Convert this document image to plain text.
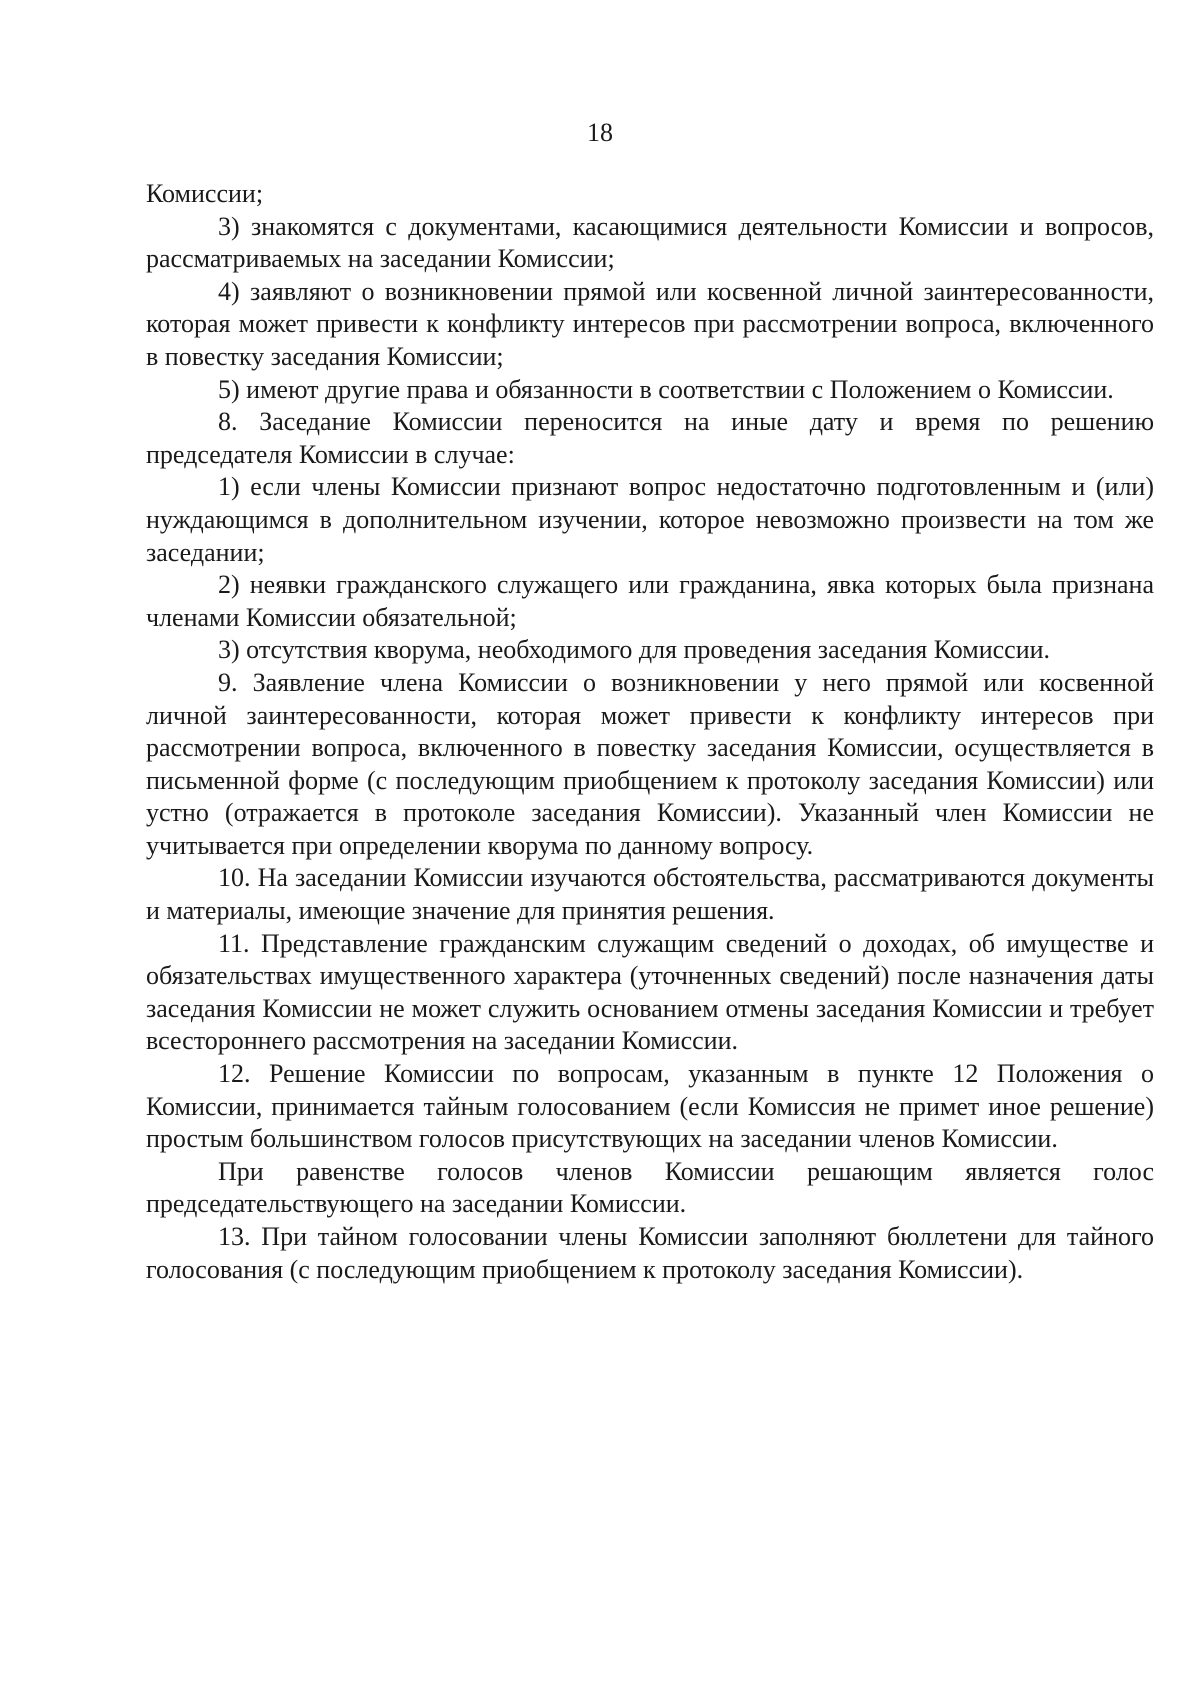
18

Комиссии;

3) знакомятся с документами, касающимися деятельности Комиссии и вопросов, рассматриваемых на заседании Комиссии;

4) заявляют о возникновении прямой или косвенной личной заинтересованности, которая может привести к конфликту интересов при рассмотрении вопроса, включенного в повестку заседания Комиссии;

5) имеют другие права и обязанности в соответствии с Положением о Комиссии.

8. Заседание Комиссии переносится на иные дату и время по решению председателя Комиссии в случае:

1) если члены Комиссии признают вопрос недостаточно подготовленным и (или) нуждающимся в дополнительном изучении, которое невозможно произвести на том же заседании;

2) неявки гражданского служащего или гражданина, явка которых была признана членами Комиссии обязательной;

3) отсутствия кворума, необходимого для проведения заседания Комиссии.

9. Заявление члена Комиссии о возникновении у него прямой или косвенной личной заинтересованности, которая может привести к конфликту интересов при рассмотрении вопроса, включенного в повестку заседания Комиссии, осуществляется в письменной форме (с последующим приобщением к протоколу заседания Комиссии) или устно (отражается в протоколе заседания Комиссии). Указанный член Комиссии не учитывается при определении кворума по данному вопросу.

10. На заседании Комиссии изучаются обстоятельства, рассматриваются документы и материалы, имеющие значение для принятия решения.

11. Представление гражданским служащим сведений о доходах, об имуществе и обязательствах имущественного характера (уточненных сведений) после назначения даты заседания Комиссии не может служить основанием отмены заседания Комиссии и требует всестороннего рассмотрения на заседании Комиссии.

12. Решение Комиссии по вопросам, указанным в пункте 12 Положения о Комиссии, принимается тайным голосованием (если Комиссия не примет иное решение) простым большинством голосов присутствующих на заседании членов Комиссии.

При равенстве голосов членов Комиссии решающим является голос председательствующего на заседании Комиссии.

13. При тайном голосовании члены Комиссии заполняют бюллетени для тайного голосования (с последующим приобщением к протоколу заседания Комиссии).
